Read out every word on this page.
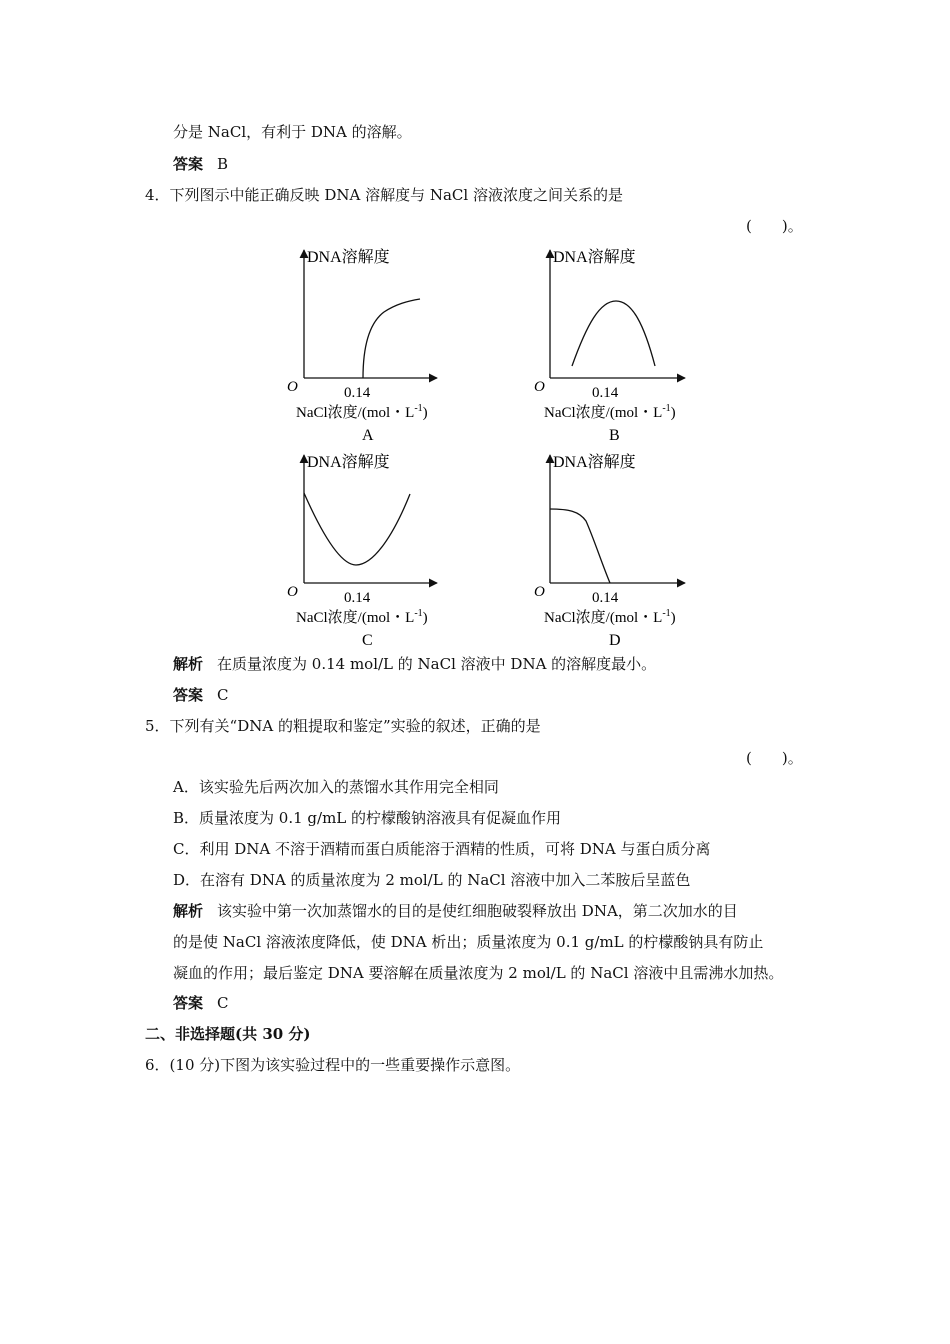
分是 NaCl，有利于 DNA 的溶解。
答案 B
4．下列图示中能正确反映 DNA 溶解度与 NaCl 溶液浓度之间关系的是
(　　)。
DNA溶解度
O	0.14
NaCl浓度/(mol・$L^{-1}$)
A
DNA溶解度
O	0.14
NaCl浓度/(mol・$L^{-1}$)
B
DNA溶解度
O	0.14
NaCl浓度/(mol・$L^{-1}$)
C
DNA溶解度
O	0.14
NaCl浓度/(mol・$L^{-1}$)
D
解析 在质量浓度为 0.14 mol/L 的 NaCl 溶液中 DNA 的溶解度最小。
答案 C
5．下列有关“DNA 的粗提取和鉴定”实验的叙述，正确的是
(　　)。
A．该实验先后两次加入的蒸馏水其作用完全相同
B．质量浓度为 0.1 g/mL 的柠檬酸钠溶液具有促凝血作用
C．利用 DNA 不溶于酒精而蛋白质能溶于酒精的性质，可将 DNA 与蛋白质分离
D．在溶有 DNA 的质量浓度为 2 mol/L 的 NaCl 溶液中加入二苯胺后呈蓝色
解析 该实验中第一次加蒸馏水的目的是使红细胞破裂释放出 DNA，第二次加水的目
的是使 NaCl 溶液浓度降低，使 DNA 析出；质量浓度为 0.1 g/mL 的柠檬酸钠具有防止
凝血的作用；最后鉴定 DNA 要溶解在质量浓度为 2 mol/L 的 NaCl 溶液中且需沸水加热。
答案 C
二、非选择题(共 30 分)
6．(10 分)下图为该实验过程中的一些重要操作示意图。
